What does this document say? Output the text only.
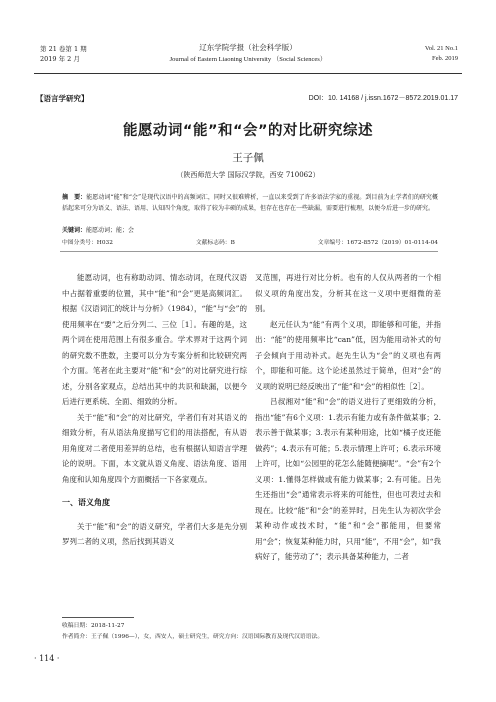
第 21 卷第 1 期
2019 年 2 月
辽东学院学报（社会科学版）
Journal of Eastern Liaoning University （Social Sciences）
Vol. 21 No.1
Feb. 2019
【语言学研究】	DOI：10. 14168 / j.issn.1672－8572.2019.01.17
能愿动词“能”和“会”的对比研究综述
王子佩
（陕西师范大学 国际汉学院，西安 710062）
摘　要：能愿动词“能”和“会”是现代汉语中的高频词汇，同时又很难辨析，一直以来受到了许多语法学家的重视。到目前为止学者们的研究概括起来可分为语义、语法、语用、认知四个角度，取得了较为丰硕的成果，但存在也存在一些缺漏，需要进行梳理，以便今后进一步的研究。
关键词：能愿动词；能；会
中图分类号：H032	文献标志码：B	文章编号：1672-8572（2019）01-0114-04

能愿动词，也有称助动词、情态动词，在现代汉语中占据着重要的位置，其中“能”和“会”更是高频词汇。根据《汉语词汇的统计与分析》（1984），“能”与“会”的使用频率在“要”之后分列二、三位［1］。有趣的是，这两个词在使用范围上有很多重合。学术界对于这两个词的研究数不胜数，主要可以分为专案分析和比较研究两个方面。笔者在此主要对“能”和“会”的对比研究进行综述，分别各家观点，总结出其中的共识和缺漏，以便今后进行更系统、全面、细致的分析。

关于“能”和“会”的对比研究，学者们有对其语义的细致分析，有从语法角度描写它们的用法搭配，有从语用角度对二者使用差异的总结，也有根据认知语言学理论的说明。下面，本文就从语义角度、语法角度、语用角度和认知角度四个方面概括一下各家观点。

一、语义角度

关于“能”和“会”的语义研究，学者们大多是先分别罗列二者的义项，然后找到其语义

叉范围，再进行对比分析。也有的人仅从两者的一个相似义项的角度出发，分析其在这一义项中更细微的差别。

赵元任认为“能”有两个义项，即能够和可能，并指出：“能”的使用频率比“can”低，因为能用动补式的句子会倾向于用动补式。赵先生认为“会”的义项也有两个，即能和可能。这个论述虽然过于简单，但对“会”的义项的说明已经反映出了“能”和“会”的相似性［2］。

吕叔湘对“能”和“会”的语义进行了更细致的分析，指出“能”有6个义项：1.表示有能力或有条件做某事；2.表示善于做某事；3.表示有某种用途，比如“橘子皮还能做药”；4.表示有可能；5.表示情理上许可；6.表示环境上许可，比如“公园里的花怎么能随便摘呢”。“会”有2个义项：1.懂得怎样做或有能力做某事；2.有可能。吕先生还指出“会”通常表示将来的可能性，但也可表过去和现在。比较“能”和“会”的差异时，吕先生认为初次学会某种动作或技术时，“能”和“会”都能用，但要常用“会”；恢复某种能力时，只用“能”，不用“会”，如“我病好了，能劳动了”；表示具备某种能力，二者

收稿日期：2018-11-27
作者简介：王子佩（1996—），女，西安人，硕士研究生，研究方向：汉语国际教育及现代汉语语法。
· 114 ·
